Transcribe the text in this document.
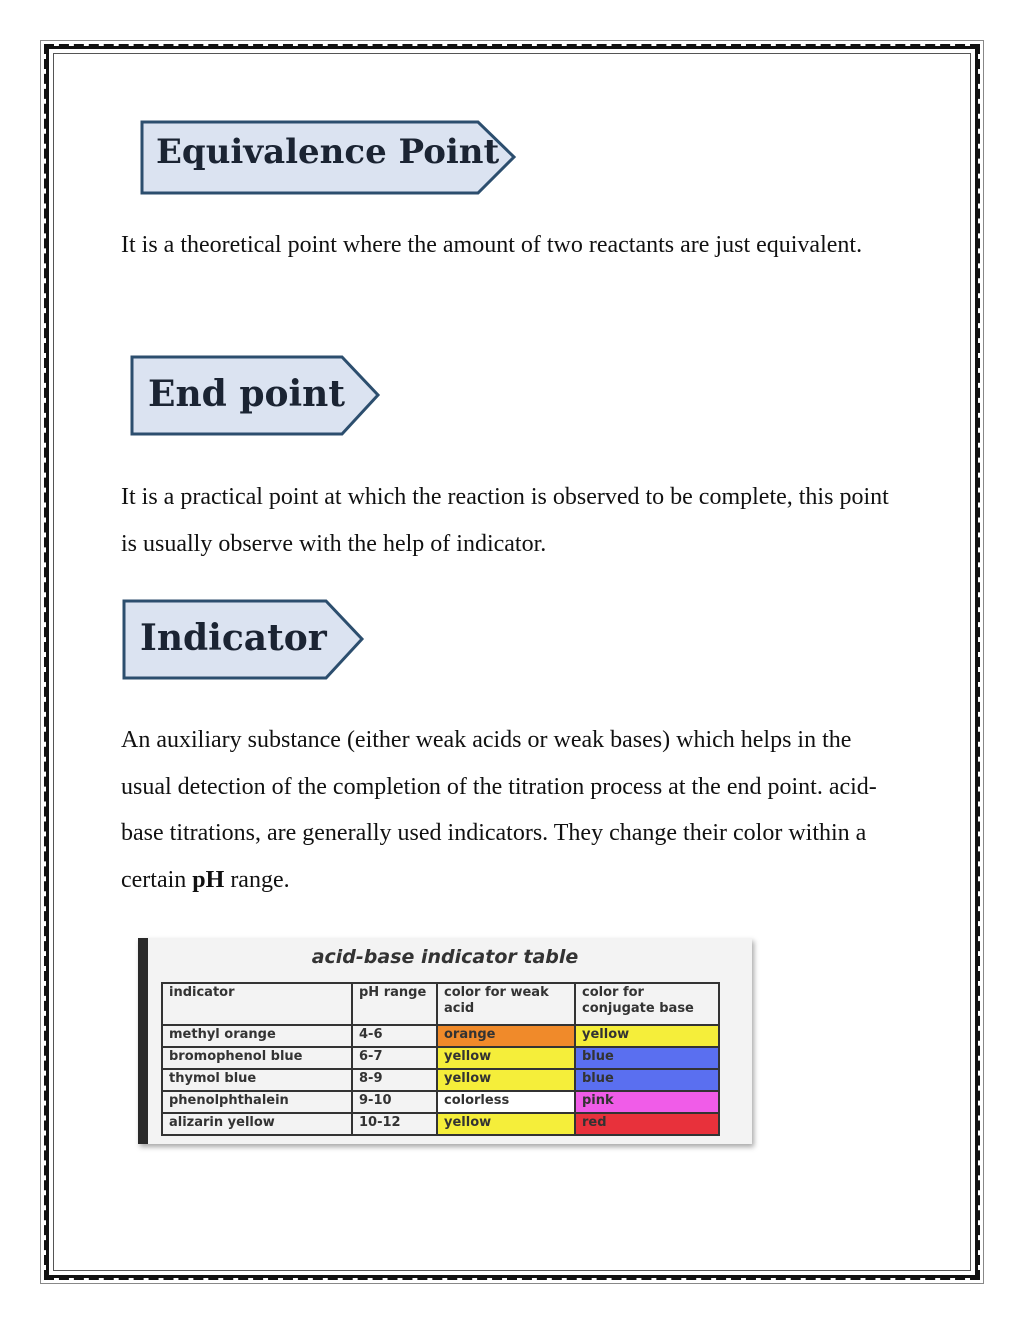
Equivalence Point

It is a theoretical point where the amount of two reactants are just equivalent.

End point

It is a practical point at which the reaction is observed to be complete, this point is usually observe with the help of indicator.

Indicator

An auxiliary substance (either weak acids or weak bases) which helps in the usual detection of the completion of the titration process at the end point. acid-base titrations, are generally used indicators. They change their color within a certain pH range.

acid-base indicator table
indicator	pH range	color for weak acid	color for conjugate base
methyl orange	4-6	orange	yellow
bromophenol blue	6-7	yellow	blue
thymol blue	8-9	yellow	blue
phenolphthalein	9-10	colorless	pink
alizarin yellow	10-12	yellow	red
